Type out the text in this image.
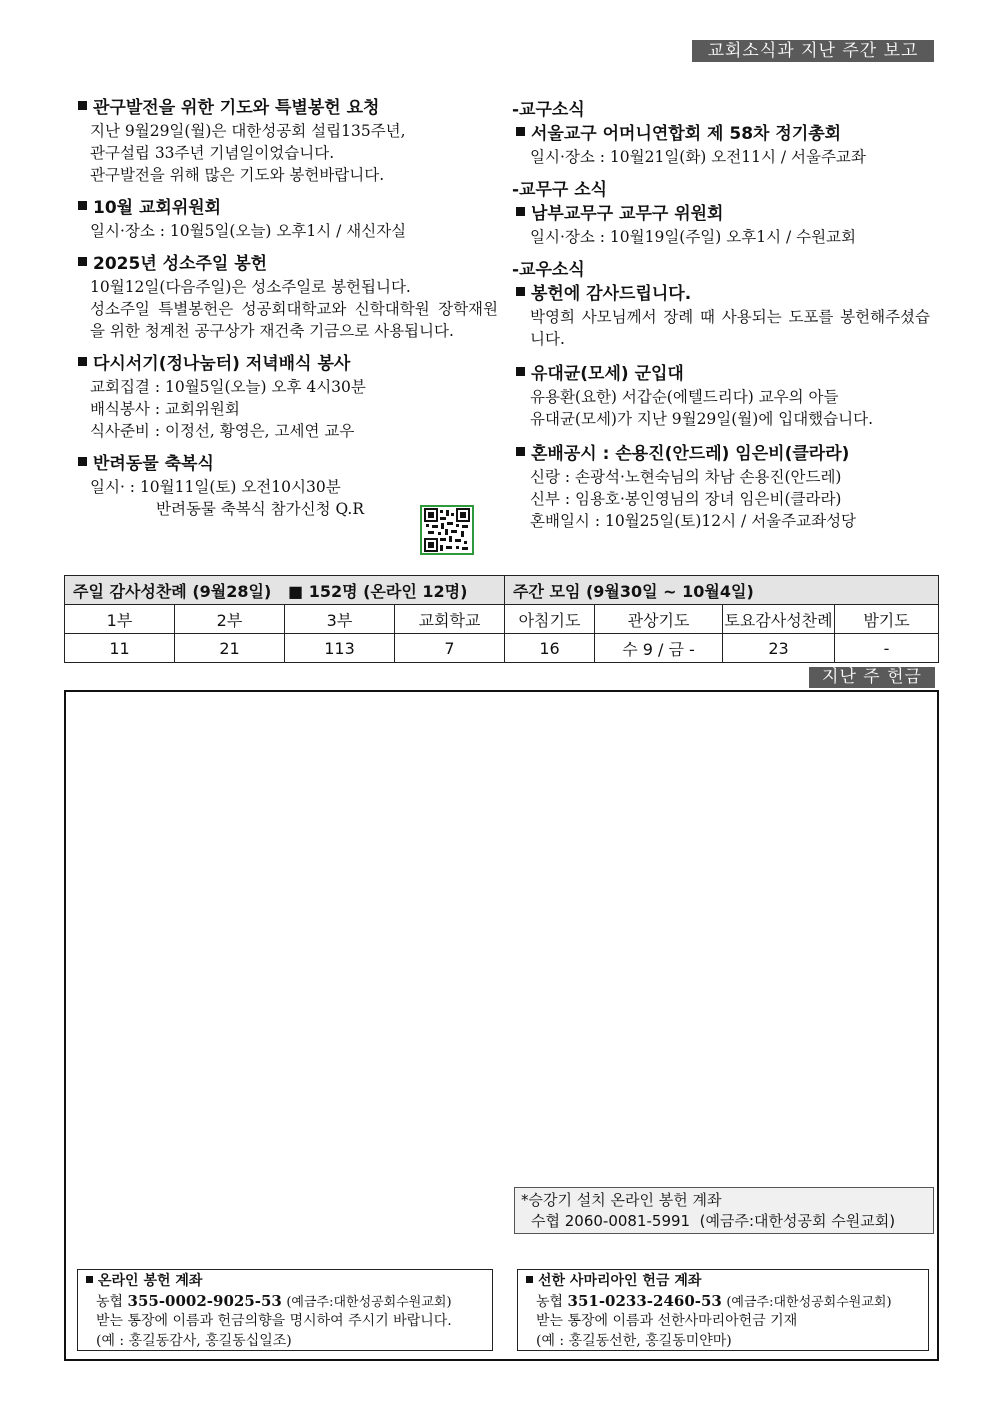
교회소식과 지난 주간 보고
관구발전을 위한 기도와 특별봉헌 요청
지난 9월29일(월)은 대한성공회 설립135주년,
관구설립 33주년 기념일이었습니다.
관구발전을 위해 많은 기도와 봉헌바랍니다.
10월 교회위원회
일시·장소 : 10월5일(오늘) 오후1시 / 새신자실
2025년 성소주일 봉헌
10월12일(다음주일)은 성소주일로 봉헌됩니다.
성소주일 특별봉헌은 성공회대학교와 신학대학원 장학재원을 위한 청계천 공구상가 재건축 기금으로 사용됩니다.
다시서기(정나눔터) 저녁배식 봉사
교회집결 : 10월5일(오늘) 오후 4시30분
배식봉사 : 교회위원회
식사준비 : 이정선, 황영은, 고세연 교우
반려동물 축복식
일시· : 10월11일(토) 오전10시30분
반려동물 축복식 참가신청 Q.R
-교구소식
서울교구 어머니연합회 제 58차 정기총회
일시·장소 : 10월21일(화) 오전11시 / 서울주교좌
-교무구 소식
남부교무구 교무구 위원회
일시·장소 : 10월19일(주일) 오후1시 / 수원교회
-교우소식
봉헌에 감사드립니다.
박영희 사모님께서 장례 때 사용되는 도포를 봉헌해주셨습니다.
유대균(모세) 군입대
유용환(요한) 서갑순(에텔드리다) 교우의 아들
유대균(모세)가 지난 9월29일(월)에 입대했습니다.
혼배공시 : 손용진(안드레) 임은비(클라라)
신랑 : 손광석·노현숙님의 차남 손용진(안드레)
신부 : 임용호·봉인영님의 장녀 임은비(클라라)
혼배일시 : 10월25일(토)12시 / 서울주교좌성당
주일 감사성찬례 (9월28일) ■ 152명 (온라인 12명)				주간 모임 (9월30일 ~ 10월4일)			
1부	2부	3부	교회학교	아침기도	관상기도	토요감사성찬례	밤기도
11	21	113	7	16	수 9 / 금 -	23	-
지난 주 헌금
*승강기 설치 온라인 봉헌 계좌
수협 2060-0081-5991 (예금주:대한성공회 수원교회)
온라인 봉헌 계좌
농협 355-0002-9025-53 (예금주:대한성공회수원교회)
받는 통장에 이름과 헌금의향을 명시하여 주시기 바랍니다.
(예 : 홍길동감사, 홍길동십일조)
선한 사마리아인 헌금 계좌
농협 351-0233-2460-53 (예금주:대한성공회수원교회)
받는 통장에 이름과 선한사마리아헌금 기재
(예 : 홍길동선한, 홍길동미얀마)
